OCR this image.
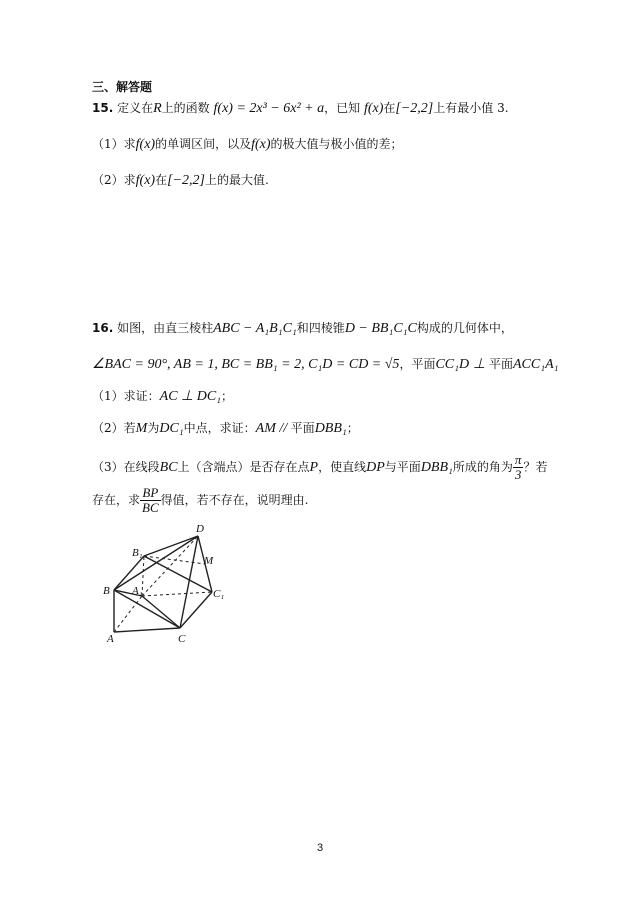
三、解答题
15. 定义在R上的函数 f(x) = 2x³ − 6x² + a，已知 f(x)在[−2,2]上有最小值 3.
（1）求f(x)的单调区间，以及f(x)的极大值与极小值的差；
（2）求f(x)在[−2,2]上的最大值.
16. 如图，由直三棱柱ABC − A₁B₁C₁和四棱锥D − BB₁C₁C构成的几何体中，
∠BAC = 90°, AB = 1, BC = BB₁ = 2, C₁D = CD = √5，平面CC₁D ⊥ 平面ACC₁A₁
（1）求证：AC ⊥ DC₁；
（2）若M为DC₁中点，求证：AM // 平面DBB₁；
（3）在线段BC上（含端点）是否存在点P，使直线DP与平面DBB₁所成的角为 $\frac{\pi}{3}$ ？若
存在，求 $\frac{BP}{BC}$ 得值，若不存在，说明理由.
D
B₁
M
B A₁	C₁
A	C
3
